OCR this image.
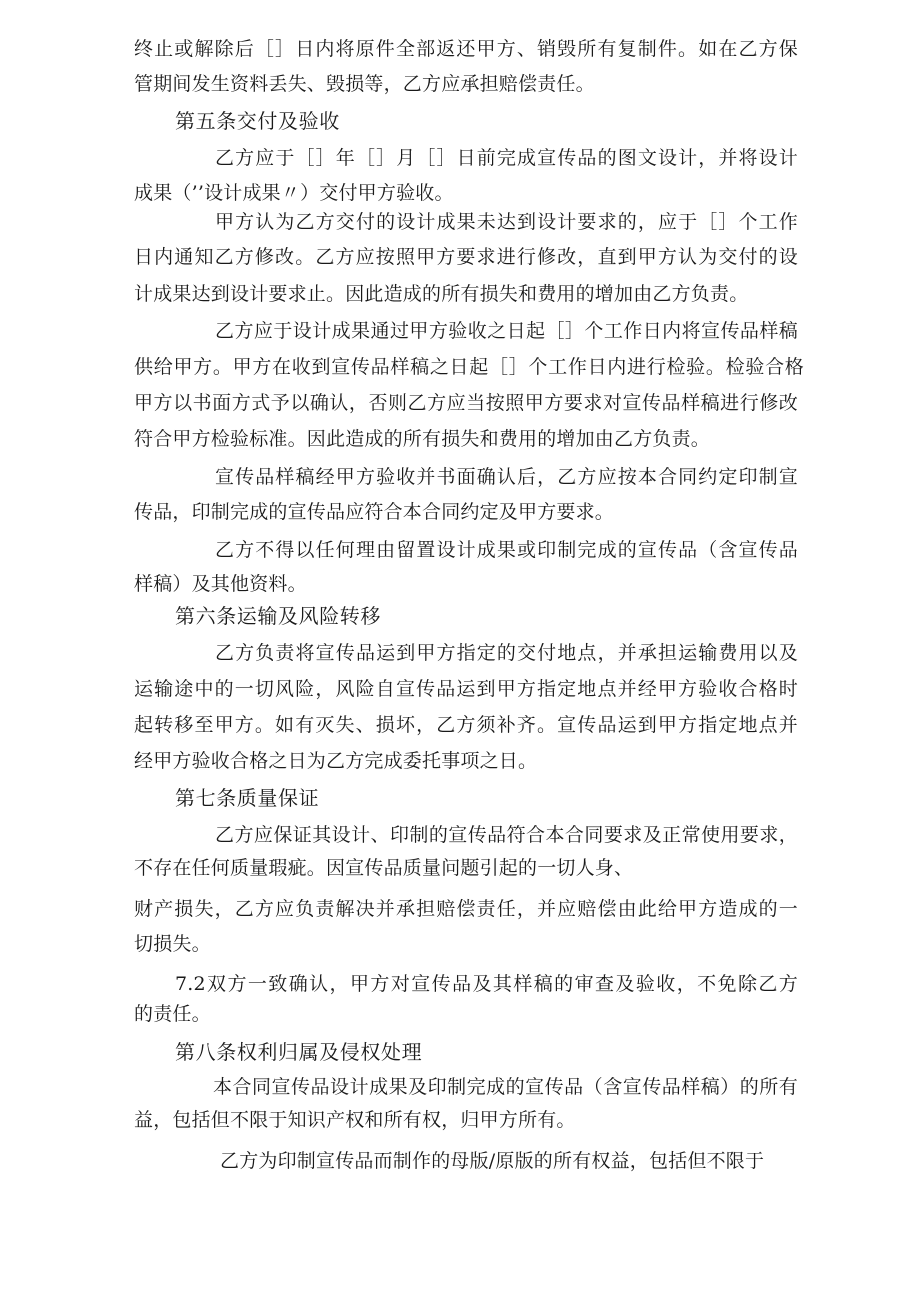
终止或解除后［］日内将原件全部返还甲方、销毁所有复制件。如在乙方保

管期间发生资料丢失、毁损等，乙方应承担赔偿责任。

第五条交付及验收

乙方应于［］年［］月［］日前完成宣传品的图文设计，并将设计

成果（’’设计成果〃）交付甲方验收。

甲方认为乙方交付的设计成果未达到设计要求的，应于［］个工作

日内通知乙方修改。乙方应按照甲方要求进行修改，直到甲方认为交付的设

计成果达到设计要求止。因此造成的所有损失和费用的增加由乙方负责。

乙方应于设计成果通过甲方验收之日起［］个工作日内将宣传品样稿

供给甲方。甲方在收到宣传品样稿之日起［］个工作日内进行检验。检验合格

甲方以书面方式予以确认，否则乙方应当按照甲方要求对宣传品样稿进行修改

符合甲方检验标准。因此造成的所有损失和费用的增加由乙方负责。

宣传品样稿经甲方验收并书面确认后，乙方应按本合同约定印制宣

传品，印制完成的宣传品应符合本合同约定及甲方要求。

乙方不得以任何理由留置设计成果或印制完成的宣传品（含宣传品

样稿）及其他资料。

第六条运输及风险转移

乙方负责将宣传品运到甲方指定的交付地点，并承担运输费用以及

运输途中的一切风险，风险自宣传品运到甲方指定地点并经甲方验收合格时

起转移至甲方。如有灭失、损坏，乙方须补齐。宣传品运到甲方指定地点并

经甲方验收合格之日为乙方完成委托事项之日。

第七条质量保证

乙方应保证其设计、印制的宣传品符合本合同要求及正常使用要求，

不存在任何质量瑕疵。因宣传品质量问题引起的一切人身、

财产损失，乙方应负责解决并承担赔偿责任，并应赔偿由此给甲方造成的一

切损失。

7.2双方一致确认，甲方对宣传品及其样稿的审查及验收，不免除乙方

的责任。

第八条权利归属及侵权处理

本合同宣传品设计成果及印制完成的宣传品（含宣传品样稿）的所有

益，包括但不限于知识产权和所有权，归甲方所有。

乙方为印制宣传品而制作的母版/原版的所有权益，包括但不限于
